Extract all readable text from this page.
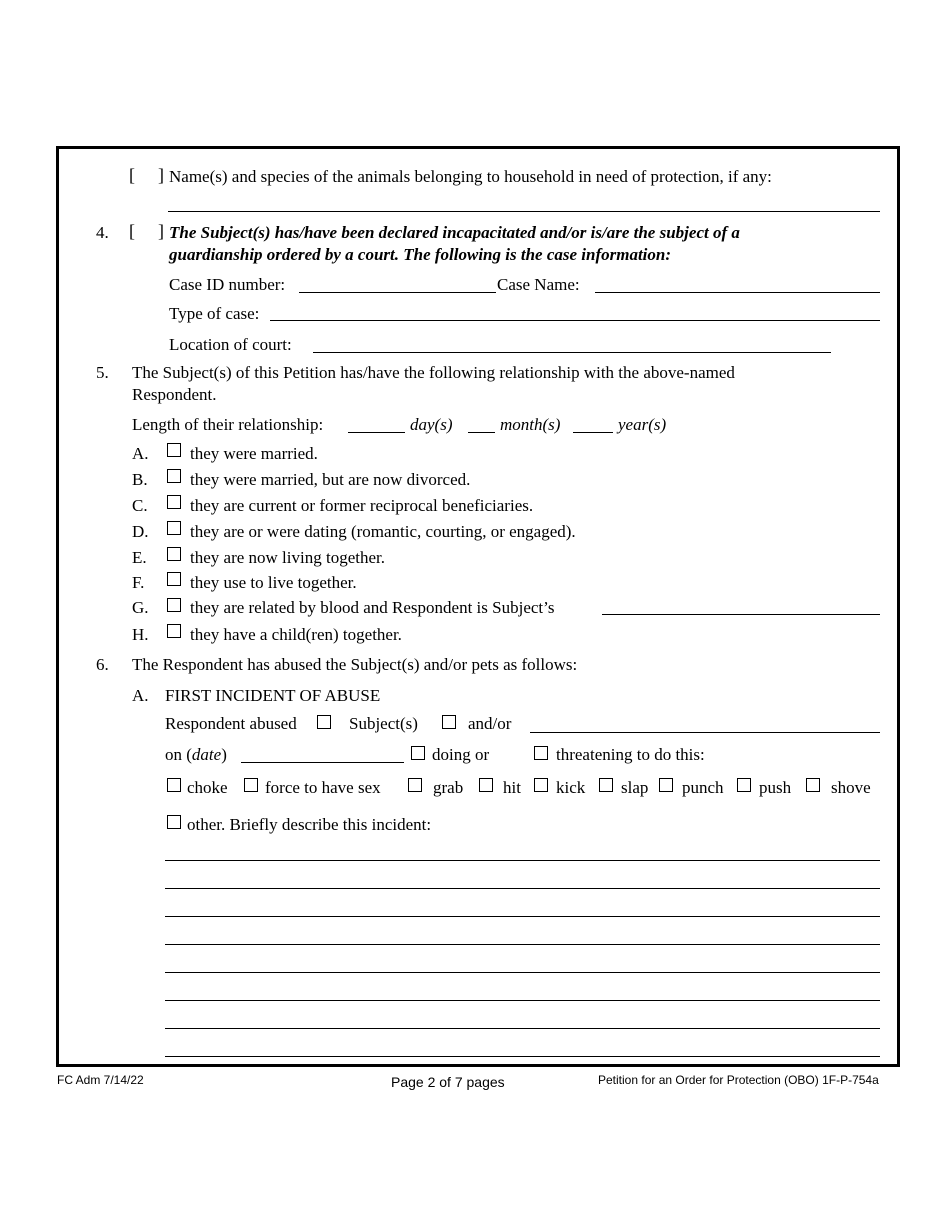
[ ] Name(s) and species of the animals belonging to household in need of protection, if any:
4. [ ] The Subject(s) has/have been declared incapacitated and/or is/are the subject of a
guardianship ordered by a court. The following is the case information:
Case ID number:	Case Name:
Type of case:
Location of court:
5. The Subject(s) of this Petition has/have the following relationship with the above-named
Respondent.
Length of their relationship:	day(s)	month(s)	year(s)
A. they were married.
B. they were married, but are now divorced.
C. they are current or former reciprocal beneficiaries.
D. they are or were dating (romantic, courting, or engaged).
E.	they are now living together.
F.	they use to live together.
G. they are related by blood and Respondent is Subject’s
H. they have a child(ren) together.
6. The Respondent has abused the Subject(s) and/or pets as follows:
A. FIRST INCIDENT OF ABUSE
Respondent abused	Subject(s)	and/or
on (date)	doing or	threatening to do this:
choke force to have sex	grab hit kick slap punch push shove
other. Briefly describe this incident:
FC Adm 7/14/22	Page 2 of 7 pages	Petition for an Order for Protection (OBO) 1F-P-754a
